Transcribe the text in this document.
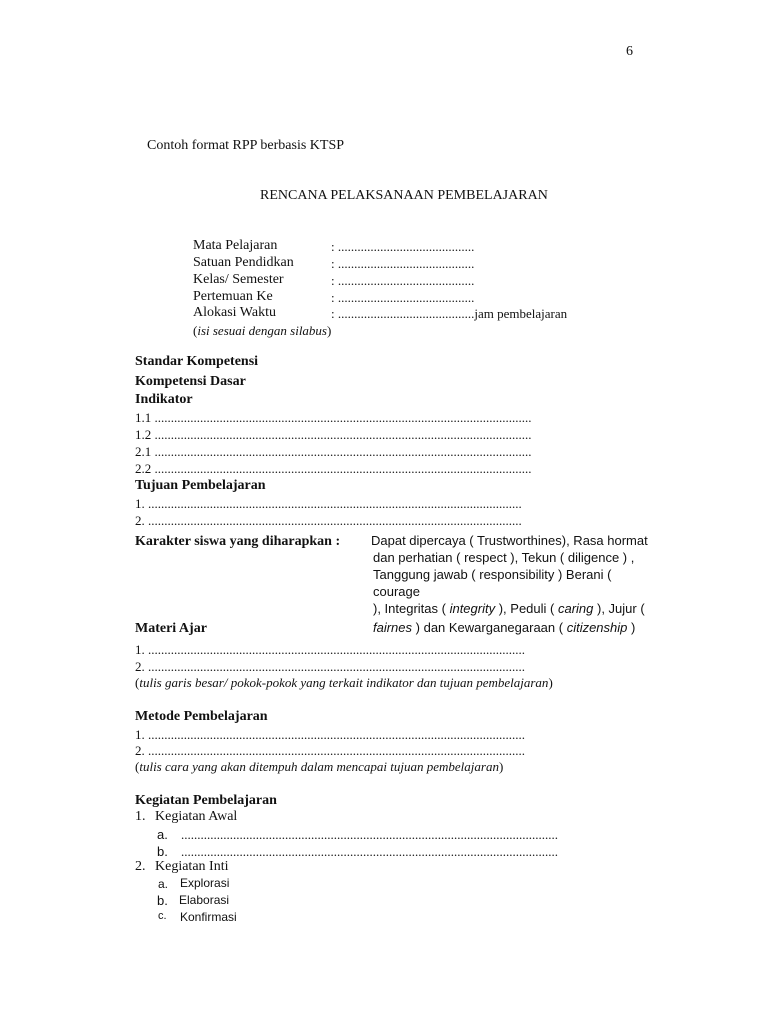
6
Contoh format RPP berbasis KTSP
RENCANA PELAKSANAAN PEMBELAJARAN
Mata Pelajaran	: ..........................................
Satuan Pendidkan	: ..........................................
Kelas/ Semester	: ..........................................
Pertemuan Ke	: ..........................................
Alokasi Waktu	: ..........................................jam pembelajaran
(isi sesuai dengan silabus)
Standar Kompetensi
Kompetensi Dasar
Indikator
1.1 ....................................................................................................................
1.2 ....................................................................................................................
2.1 ....................................................................................................................
2.2 ....................................................................................................................
Tujuan Pembelajaran
1. ...................................................................................................................
2. ...................................................................................................................
Karakter siswa yang diharapkan : Dapat dipercaya ( Trustworthines), Rasa hormat
dan perhatian ( respect ), Tekun ( diligence ) ,
Tanggung jawab ( responsibility ) Berani (
courage
), Integritas ( integrity ), Peduli ( caring ), Jujur (
fairnes ) dan Kewarganegaraan ( citizenship )
Materi Ajar
1. ....................................................................................................................
2. ....................................................................................................................
(tulis garis besar/ pokok-pokok yang terkait indikator dan tujuan pembelajaran)
Metode Pembelajaran
1. ....................................................................................................................
2. ....................................................................................................................
(tulis cara yang akan ditempuh dalam mencapai tujuan pembelajaran)
Kegiatan Pembelajaran
1. Kegiatan Awal
a. ....................................................................................................................
b. ....................................................................................................................
2. Kegiatan Inti
a. Explorasi
b. Elaborasi
c. Konfirmasi
